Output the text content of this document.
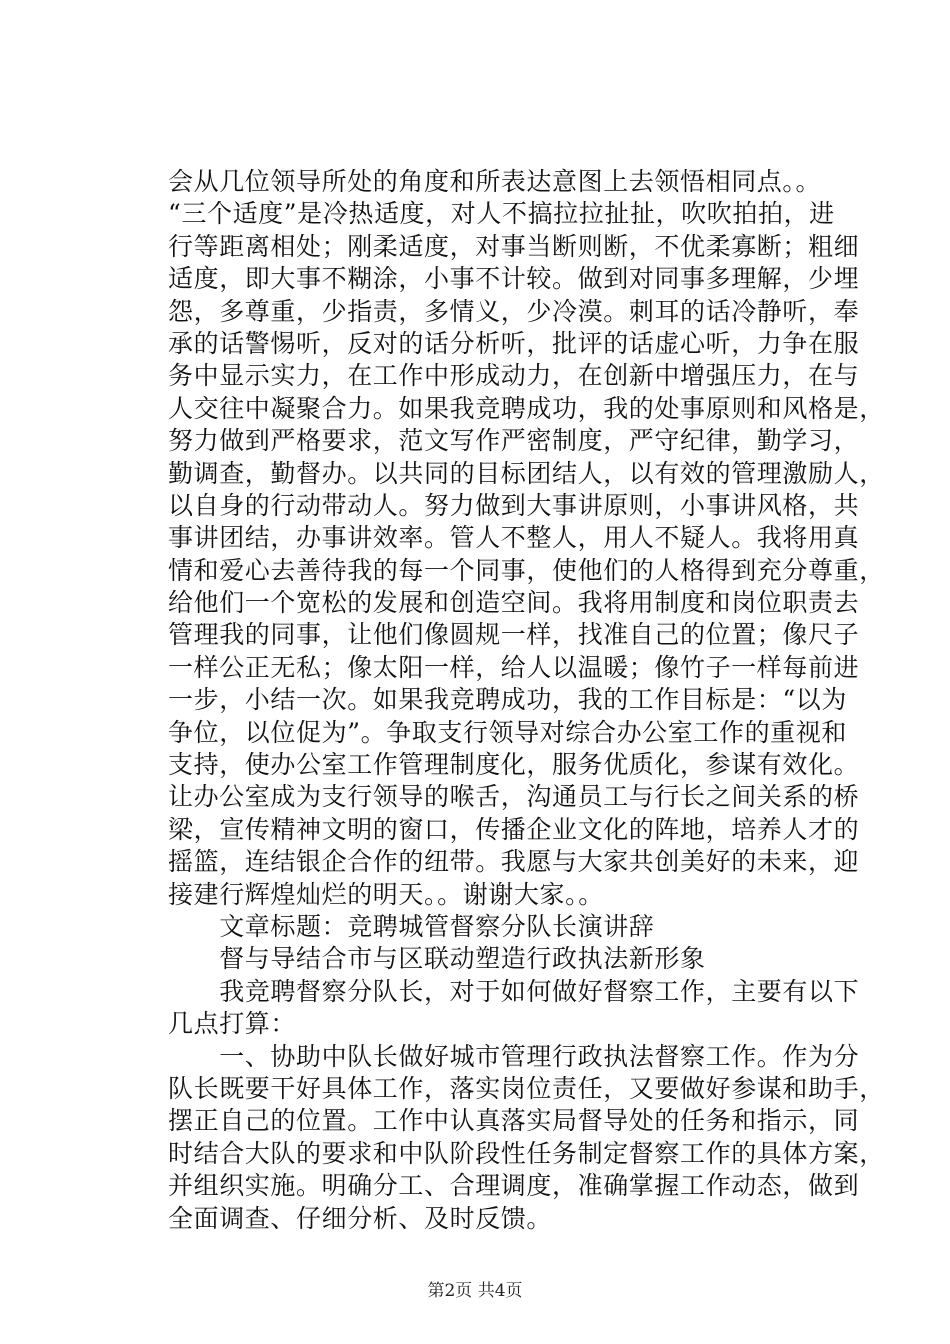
会从几位领导所处的角度和所表达意图上去领悟相同点。。
“三个适度”是冷热适度，对人不搞拉拉扯扯，吹吹拍拍，进
行等距离相处；刚柔适度，对事当断则断，不优柔寡断；粗细
适度，即大事不糊涂，小事不计较。做到对同事多理解，少埋
怨，多尊重，少指责，多情义，少冷漠。刺耳的话冷静听，奉
承的话警惕听，反对的话分析听，批评的话虚心听，力争在服
务中显示实力，在工作中形成动力，在创新中增强压力，在与
人交往中凝聚合力。如果我竞聘成功，我的处事原则和风格是，
努力做到严格要求，范文写作严密制度，严守纪律，勤学习，
勤调查，勤督办。以共同的目标团结人，以有效的管理激励人，
以自身的行动带动人。努力做到大事讲原则，小事讲风格，共
事讲团结，办事讲效率。管人不整人，用人不疑人。我将用真
情和爱心去善待我的每一个同事，使他们的人格得到充分尊重，
给他们一个宽松的发展和创造空间。我将用制度和岗位职责去
管理我的同事，让他们像圆规一样，找准自己的位置；像尺子
一样公正无私；像太阳一样，给人以温暖；像竹子一样每前进
一步，小结一次。如果我竞聘成功，我的工作目标是：“以为
争位，以位促为”。争取支行领导对综合办公室工作的重视和
支持，使办公室工作管理制度化，服务优质化，参谋有效化。
让办公室成为支行领导的喉舌，沟通员工与行长之间关系的桥
梁，宣传精神文明的窗口，传播企业文化的阵地，培养人才的
摇篮，连结银企合作的纽带。我愿与大家共创美好的未来，迎
接建行辉煌灿烂的明天。。谢谢大家。。
　　文章标题：竞聘城管督察分队长演讲辞
　　督与导结合市与区联动塑造行政执法新形象
　　我竞聘督察分队长，对于如何做好督察工作，主要有以下
几点打算：
　　一、协助中队长做好城市管理行政执法督察工作。作为分
队长既要干好具体工作，落实岗位责任，又要做好参谋和助手，
摆正自己的位置。工作中认真落实局督导处的任务和指示，同
时结合大队的要求和中队阶段性任务制定督察工作的具体方案，
并组织实施。明确分工、合理调度，准确掌握工作动态，做到
全面调查、仔细分析、及时反馈。
第2页 共4页
